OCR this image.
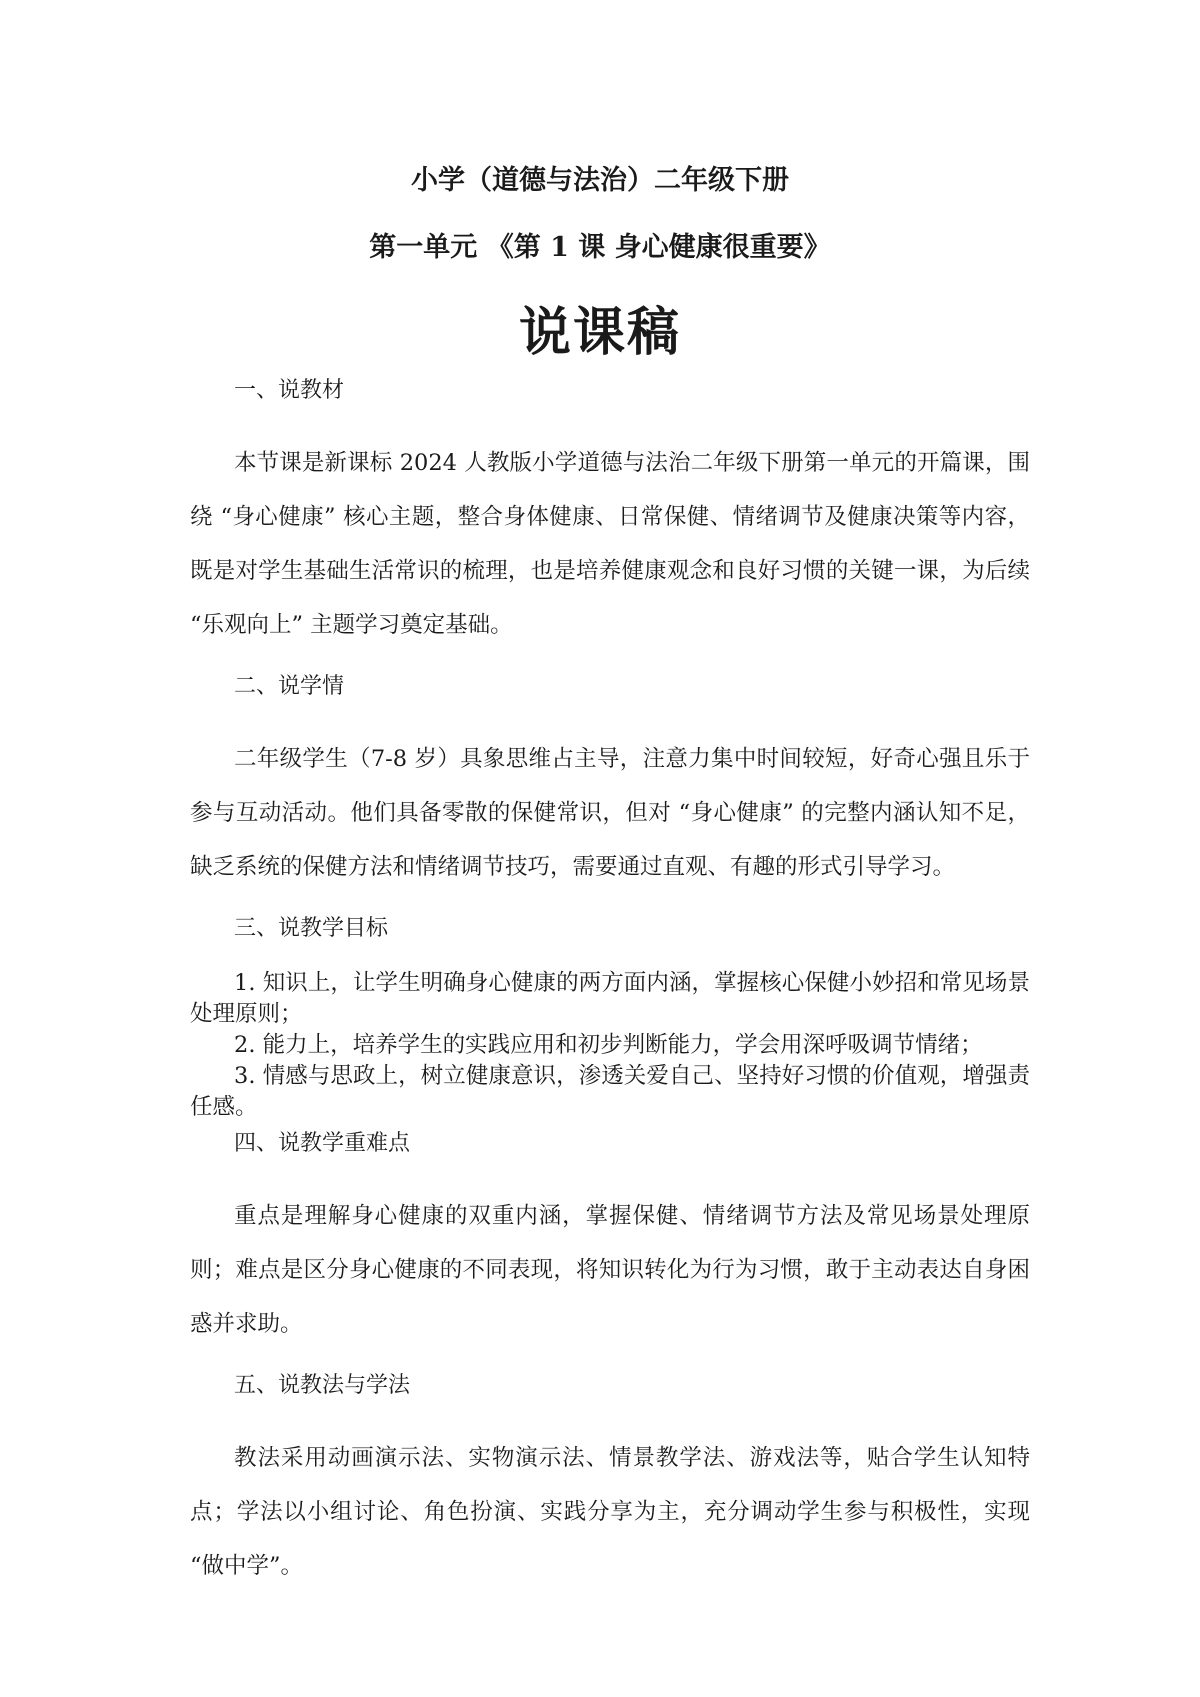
小学（道德与法治）二年级下册
第一单元 《第 1 课 身心健康很重要》
说课稿

一、说教材

本节课是新课标 2024 人教版小学道德与法治二年级下册第一单元的开篇课，围绕 “身心健康” 核心主题，整合身体健康、日常保健、情绪调节及健康决策等内容，既是对学生基础生活常识的梳理，也是培养健康观念和良好习惯的关键一课，为后续 “乐观向上” 主题学习奠定基础。

二、说学情

二年级学生（7-8 岁）具象思维占主导，注意力集中时间较短，好奇心强且乐于参与互动活动。他们具备零散的保健常识，但对 “身心健康” 的完整内涵认知不足，缺乏系统的保健方法和情绪调节技巧，需要通过直观、有趣的形式引导学习。

三、说教学目标

1. 知识上，让学生明确身心健康的两方面内涵，掌握核心保健小妙招和常见场景处理原则；

2. 能力上，培养学生的实践应用和初步判断能力，学会用深呼吸调节情绪；

3. 情感与思政上，树立健康意识，渗透关爱自己、坚持好习惯的价值观，增强责任感。

四、说教学重难点

重点是理解身心健康的双重内涵，掌握保健、情绪调节方法及常见场景处理原则；难点是区分身心健康的不同表现，将知识转化为行为习惯，敢于主动表达自身困惑并求助。

五、说教法与学法

教法采用动画演示法、实物演示法、情景教学法、游戏法等，贴合学生认知特点；学法以小组讨论、角色扮演、实践分享为主，充分调动学生参与积极性，实现 “做中学”。
